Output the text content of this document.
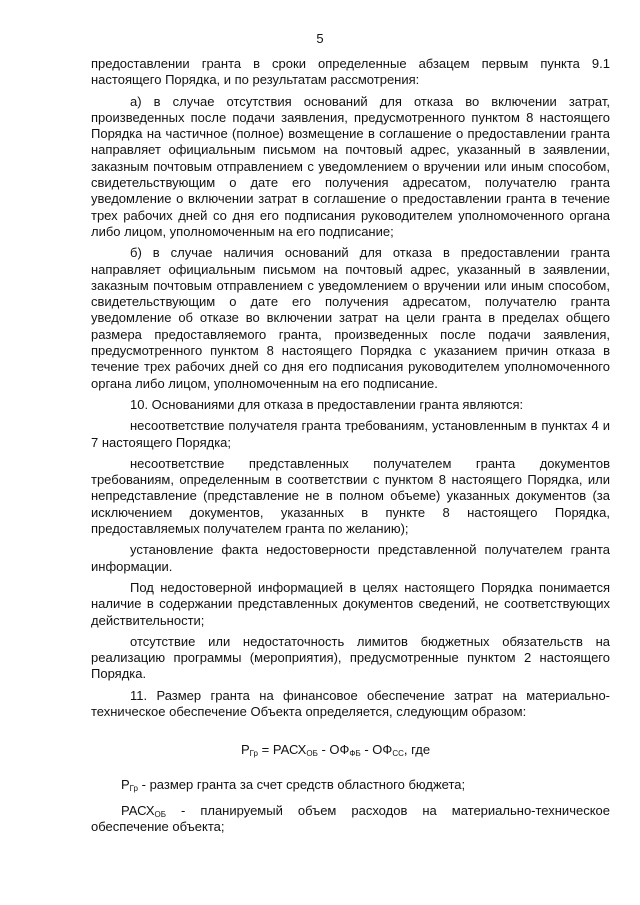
5

предоставлении гранта в сроки определенные абзацем первым пункта 9.1 настоящего Порядка, и по результатам рассмотрения:

а) в случае отсутствия оснований для отказа во включении затрат, произведенных после подачи заявления, предусмотренного пунктом 8 настоящего Порядка на частичное (полное) возмещение в соглашение о предоставлении гранта направляет официальным письмом на почтовый адрес, указанный в заявлении, заказным почтовым отправлением с уведомлением о вручении или иным способом, свидетельствующим о дате его получения адресатом, получателю гранта уведомление о включении затрат в соглашение о предоставлении гранта в течение трех рабочих дней со дня его подписания руководителем уполномоченного органа либо лицом, уполномоченным на его подписание;

б) в случае наличия оснований для отказа в предоставлении гранта направляет официальным письмом на почтовый адрес, указанный в заявлении, заказным почтовым отправлением с уведомлением о вручении или иным способом, свидетельствующим о дате его получения адресатом, получателю гранта уведомление об отказе во включении затрат на цели гранта в пределах общего размера предоставляемого гранта, произведенных после подачи заявления, предусмотренного пунктом 8 настоящего Порядка с указанием причин отказа в течение трех рабочих дней со дня его подписания руководителем уполномоченного органа либо лицом, уполномоченным на его подписание.

10. Основаниями для отказа в предоставлении гранта являются:

несоответствие получателя гранта требованиям, установленным в пунктах 4 и 7 настоящего Порядка;

несоответствие представленных получателем гранта документов требованиям, определенным в соответствии с пунктом 8 настоящего Порядка, или непредставление (представление не в полном объеме) указанных документов (за исключением документов, указанных в пункте 8 настоящего Порядка, предоставляемых получателем гранта по желанию);

установление факта недостоверности представленной получателем гранта информации.

Под недостоверной информацией в целях настоящего Порядка понимается наличие в содержании представленных документов сведений, не соответствующих действительности;

отсутствие или недостаточность лимитов бюджетных обязательств на реализацию программы (мероприятия), предусмотренные пунктом 2 настоящего Порядка.

11. Размер гранта на финансовое обеспечение затрат на материально-техническое обеспечение Объекта определяется, следующим образом:

$Р_{Гр}$ = $РАСХ_{ОБ} - ОФ_{ФБ} - ОФ_{СС}$, где

$Р_{Гр}$ - размер гранта за счет средств областного бюджета;

$РАСХ_{ОБ}$ - планируемый объем расходов на материально-техническое обеспечение объекта;
